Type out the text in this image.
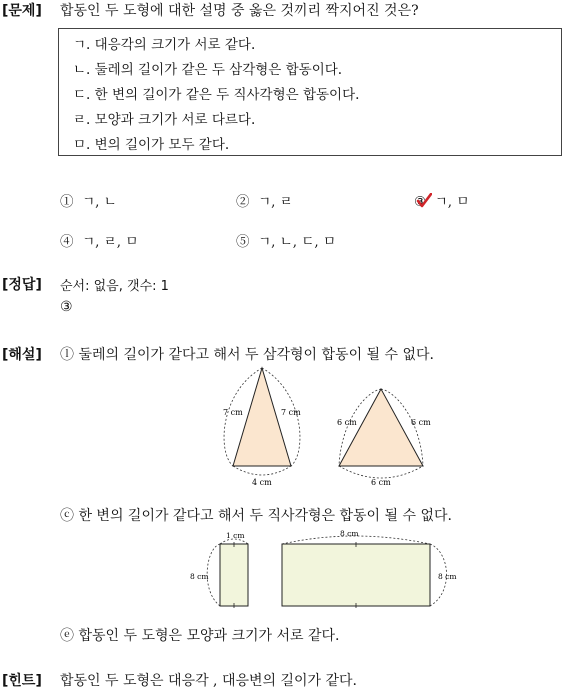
[문제] 합동인 두 도형에 대한 설명 중 옳은 것끼리 짝지어진 것은?
ㄱ. 대응각의 크기가 서로 같다.
ㄴ. 둘레의 길이가 같은 두 삼각형은 합동이다.
ㄷ. 한 변의 길이가 같은 두 직사각형은 합동이다.
ㄹ. 모양과 크기가 서로 다르다.
ㅁ. 변의 길이가 모두 같다.
① ㄱ, ㄴ	② ㄱ, ㄹ	③ ㄱ, ㅁ
④ ㄱ, ㄹ, ㅁ	⑤ ㄱ, ㄴ, ㄷ, ㅁ
[정답] 순서: 없음, 갯수: 1
③
[해설] ⓛ 둘레의 길이가 같다고 해서 두 삼각형이 합동이 될 수 없다.
7 cm	7 cm
4 cm
6 cm	6 cm
6 cm
ⓒ 한 변의 길이가 같다고 해서 두 직사각형은 합동이 될 수 없다.
1 cm
8 cm
8 cm
8 cm
ⓔ 합동인 두 도형은 모양과 크기가 서로 같다.
[힌트] 합동인 두 도형은 대응각 , 대응변의 길이가 같다.
